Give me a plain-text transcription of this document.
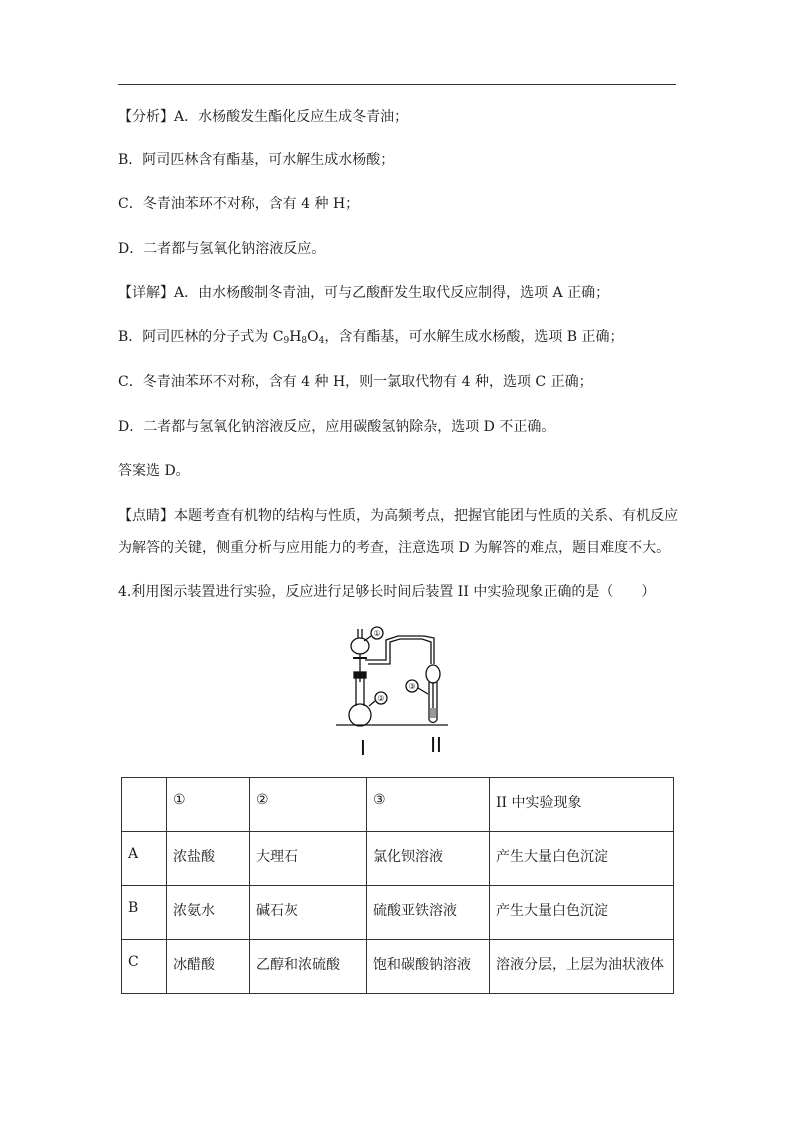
【分析】A．水杨酸发生酯化反应生成冬青油；
B．阿司匹林含有酯基，可水解生成水杨酸；
C．冬青油苯环不对称，含有 4 种 H；
D．二者都与氢氧化钠溶液反应。
【详解】A．由水杨酸制冬青油，可与乙酸酐发生取代反应制得，选项 A 正确；
B．阿司匹林的分子式为 $C_9H_8O_4$，含有酯基，可水解生成水杨酸，选项 B 正确；
C．冬青油苯环不对称，含有 4 种 H，则一氯取代物有 4 种，选项 C 正确；
D．二者都与氢氧化钠溶液反应，应用碳酸氢钠除杂，选项 D 不正确。
答案选 D。
【点睛】本题考查有机物的结构与性质，为高频考点，把握官能团与性质的关系、有机反应
为解答的关键，侧重分析与应用能力的考查，注意选项 D 为解答的难点，题目难度不大。
4.利用图示装置进行实验，反应进行足够长时间后装置 II 中实验现象正确的是（　　）
①
②
③
I	II
	①	②	③	II 中实验现象
A	浓盐酸	大理石	氯化钡溶液	产生大量白色沉淀
B	浓氨水	碱石灰	硫酸亚铁溶液	产生大量白色沉淀
C	冰醋酸	乙醇和浓硫酸	饱和碳酸钠溶液	溶液分层，上层为油状液体
